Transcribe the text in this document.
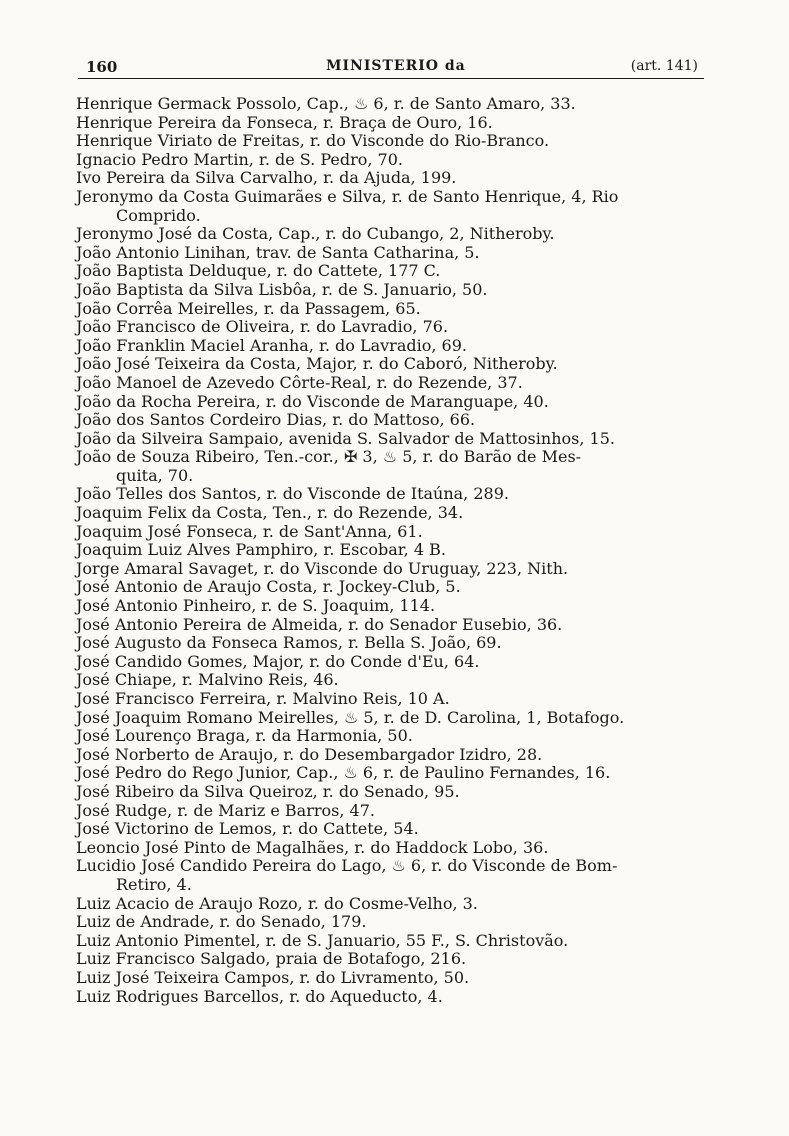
160	MINISTERIO da	(art. 141)
Henrique Germack Possolo, Cap., ♨ 6, r. de Santo Amaro, 33.
Henrique Pereira da Fonseca, r. Braça de Ouro, 16.
Henrique Viriato de Freitas, r. do Visconde do Rio-Branco.
Ignacio Pedro Martin, r. de S. Pedro, 70.
Ivo Pereira da Silva Carvalho, r. da Ajuda, 199.
Jeronymo da Costa Guimarães e Silva, r. de Santo Henrique, 4, Rio
Comprido.
Jeronymo José da Costa, Cap., r. do Cubango, 2, Nitheroby.
João Antonio Linihan, trav. de Santa Catharina, 5.
João Baptista Delduque, r. do Cattete, 177 C.
João Baptista da Silva Lisbôa, r. de S. Januario, 50.
João Corrêa Meirelles, r. da Passagem, 65.
João Francisco de Oliveira, r. do Lavradio, 76.
João Franklin Maciel Aranha, r. do Lavradio, 69.
João José Teixeira da Costa, Major, r. do Caboró, Nitheroby.
João Manoel de Azevedo Côrte-Real, r. do Rezende, 37.
João da Rocha Pereira, r. do Visconde de Maranguape, 40.
João dos Santos Cordeiro Dias, r. do Mattoso, 66.
João da Silveira Sampaio, avenida S. Salvador de Mattosinhos, 15.
João de Souza Ribeiro, Ten.-cor., ✠ 3, ♨ 5, r. do Barão de Mes-
quita, 70.
João Telles dos Santos, r. do Visconde de Itaúna, 289.
Joaquim Felix da Costa, Ten., r. do Rezende, 34.
Joaquim José Fonseca, r. de Sant'Anna, 61.
Joaquim Luiz Alves Pamphiro, r. Escobar, 4 B.
Jorge Amaral Savaget, r. do Visconde do Uruguay, 223, Nith.
José Antonio de Araujo Costa, r. Jockey-Club, 5.
José Antonio Pinheiro, r. de S. Joaquim, 114.
José Antonio Pereira de Almeida, r. do Senador Eusebio, 36.
José Augusto da Fonseca Ramos, r. Bella S. João, 69.
José Candido Gomes, Major, r. do Conde d'Eu, 64.
José Chiape, r. Malvino Reis, 46.
José Francisco Ferreira, r. Malvino Reis, 10 A.
José Joaquim Romano Meirelles, ♨ 5, r. de D. Carolina, 1, Botafogo.
José Lourenço Braga, r. da Harmonia, 50.
José Norberto de Araujo, r. do Desembargador Izidro, 28.
José Pedro do Rego Junior, Cap., ♨ 6, r. de Paulino Fernandes, 16.
José Ribeiro da Silva Queiroz, r. do Senado, 95.
José Rudge, r. de Mariz e Barros, 47.
José Victorino de Lemos, r. do Cattete, 54.
Leoncio José Pinto de Magalhães, r. do Haddock Lobo, 36.
Lucidio José Candido Pereira do Lago, ♨ 6, r. do Visconde de Bom-
Retiro, 4.
Luiz Acacio de Araujo Rozo, r. do Cosme-Velho, 3.
Luiz de Andrade, r. do Senado, 179.
Luiz Antonio Pimentel, r. de S. Januario, 55 F., S. Christovão.
Luiz Francisco Salgado, praia de Botafogo, 216.
Luiz José Teixeira Campos, r. do Livramento, 50.
Luiz Rodrigues Barcellos, r. do Aqueducto, 4.
